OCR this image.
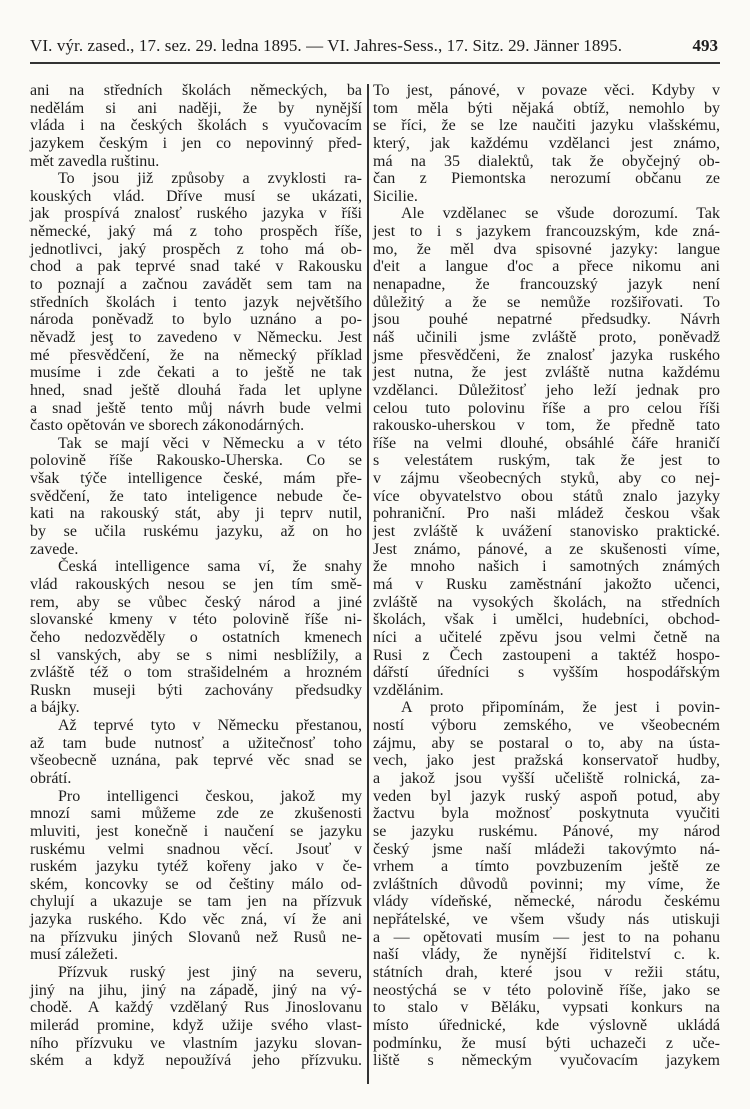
VI. výr. zased., 17. sez. 29. ledna 1895. — VI. Jahres-Sess., 17. Sitz. 29. Jänner 1895.	493
ani na středních školách německých, ba
nedělám si ani naději, že by nynější
vláda i na českých školách s vyučovacím
jazykem českým i jen co nepovinný před-
mět zavedla ruštinu.
To jsou již způsoby a zvyklosti ra-
kouských vlád. Dříve musí se ukázati,
jak prospívá znalosť ruského jazyka v říši
německé, jaký má z toho prospěch říše,
jednotlivci, jaký prospěch z toho má ob-
chod a pak teprvé snad také v Rakousku
to poznají a začnou zavádět sem tam na
středních školách i tento jazyk největšího
národa poněvadž to bylo uznáno a po-
něvadž jesţ to zavedeno v Německu. Jest
mé přesvědčení, že na německý příklad
musíme i zde čekati a to ještě ne tak
hned, snad ještě dlouhá řada let uplyne
a snad ještě tento můj návrh bude velmi
často opětován ve sborech zákonodárných.
Tak se mají věci v Německu a v této
polovině říše Rakousko-Uherska. Co se
však týče intelligence české, mám pře-
svědčení, že tato inteligence nebude če-
kati na rakouský stát, aby ji teprv nutil,
by se učila ruskému jazyku, až on ho
zavede.
Česká intelligence sama ví, že snahy
vlád rakouských nesou se jen tím smě-
rem, aby se vůbec český národ a jiné
slovanské kmeny v této polovině říše ni-
čeho nedozvěděly o ostatních kmenech
sl vanských, aby se s nimi nesblížily, a
zvláště též o tom strašidelném a hrozném
Ruskn museji býti zachovány předsudky
a bájky.
Až teprvé tyto v Německu přestanou,
až tam bude nutnosť a užitečnosť toho
všeobecně uznána, pak teprvé věc snad se
obrátí.
Pro intelligenci českou, jakož my
mnozí sami můžeme zde ze zkušenosti
mluviti, jest konečně i naučení se jazyku
ruskému velmi snadnou věcí. Jsouť v
ruském jazyku tytéž kořeny jako v če-
ském, koncovky se od češtiny málo od-
chylují a ukazuje se tam jen na přízvuk
jazyka ruského. Kdo věc zná, ví že ani
na přízvuku jiných Slovanů než Rusů ne-
musí záležeti.
Přízvuk ruský jest jiný na severu,
jiný na jihu, jiný na západě, jiný na vý-
chodě. A každý vzdělaný Rus Jinoslovanu
milerád promine, když užije svého vlast-
ního přízvuku ve vlastním jazyku slovan-
ském a když nepoužívá jeho přízvuku.
To jest, pánové, v povaze věci. Kdyby v
tom měla býti nějaká obtíž, nemohlo by
se říci, že se lze naučiti jazyku vlašskému,
který, jak každému vzdělanci jest známo,
má na 35 dialektů, tak že obyčejný ob-
čan z Piemontska nerozumí občanu ze
Sicilie.
Ale vzdělanec se všude dorozumí. Tak
jest to i s jazykem francouzským, kde zná-
mo, že měl dva spisovné jazyky: langue
d'eit a langue d'oc a přece nikomu ani
nenapadne, že francouzský jazyk není
důležitý a že se nemůže rozšiřovati. To
jsou pouhé nepatrné předsudky. Návrh
náš učinili jsme zvláště proto, poněvadž
jsme přesvědčeni, že znalosť jazyka ruského
jest nutna, že jest zvláště nutna každému
vzdělanci. Důležitosť jeho leží jednak pro
celou tuto polovinu říše a pro celou říši
rakousko-uherskou v tom, že předně tato
říše na velmi dlouhé, obsáhlé čáře hraničí
s velestátem ruským, tak že jest to
v zájmu všeobecných styků, aby co nej-
více obyvatelstvo obou států znalo jazyky
pohraniční. Pro naši mládež českou však
jest zvláště k uvážení stanovisko praktické.
Jest známo, pánové, a ze skušenosti víme,
že mnoho našich i samotných známých
má v Rusku zaměstnání jakožto učenci,
zvláště na vysokých školách, na středních
školách, však i umělci, hudebníci, obchod-
níci a učitelé zpěvu jsou velmi četně na
Rusi z Čech zastoupeni a taktéž hospo-
dářstí úředníci s vyšším hospodářským
vzdělánim.
A proto připomínám, že jest i povin-
ností výboru zemského, ve všeobecném
zájmu, aby se postaral o to, aby na ústa-
vech, jako jest pražská konservatoř hudby,
a jakož jsou vyšší učeliště rolnická, za-
veden byl jazyk ruský aspoň potud, aby
žactvu byla možnosť poskytnuta vyučiti
se jazyku ruskému. Pánové, my národ
český jsme naší mládeži takovýmto ná-
vrhem a tímto povzbuzením ještě ze
zvláštních důvodů povinni; my víme, že
vlády vídeňské, německé, národu českému
nepřátelské, ve všem všudy nás utiskuji
a — opětovati musím — jest to na pohanu
naší vlády, že nynější řiditelství c. k.
státních drah, které jsou v režii státu,
neostýchá se v této polovině říše, jako se
to stalo v Běláku, vypsati konkurs na
místo úřednické, kde výslovně ukládá
podmínku, že musí býti uchazeči z uče-
liště s německým vyučovacím jazykem
